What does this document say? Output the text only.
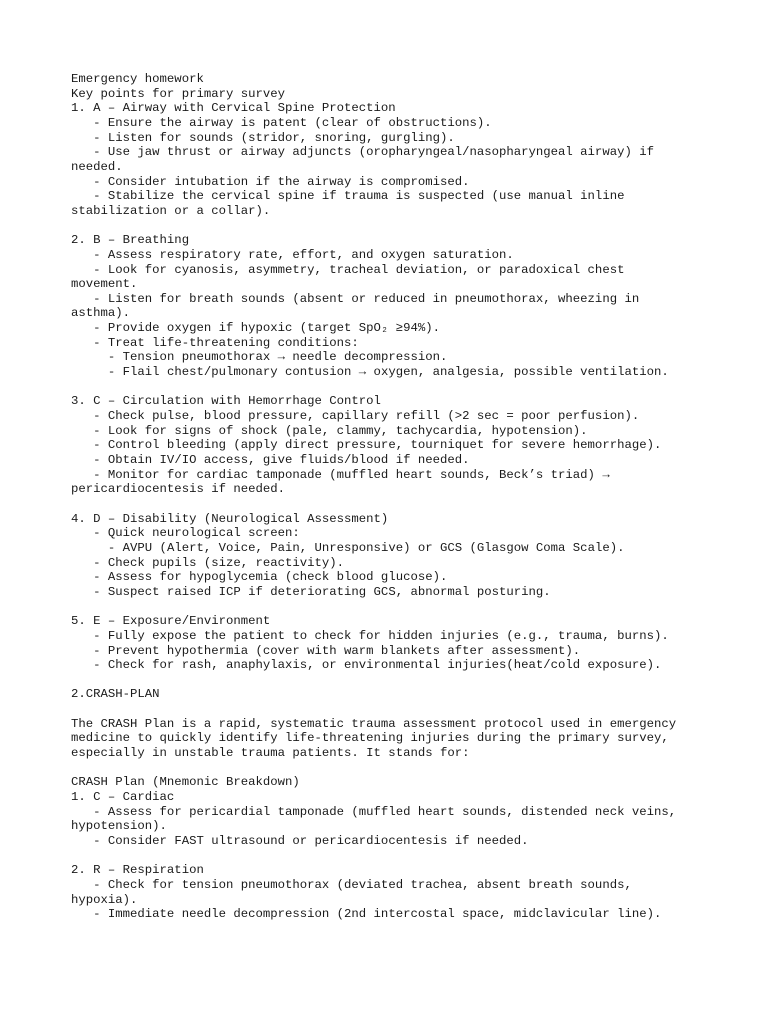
Emergency homework
Key points for primary survey
1. A – Airway with Cervical Spine Protection
- Ensure the airway is patent (clear of obstructions).
- Listen for sounds (stridor, snoring, gurgling).
- Use jaw thrust or airway adjuncts (oropharyngeal/nasopharyngeal airway) if
needed.
- Consider intubation if the airway is compromised.
- Stabilize the cervical spine if trauma is suspected (use manual inline
stabilization or a collar).
2. B – Breathing
- Assess respiratory rate, effort, and oxygen saturation.
- Look for cyanosis, asymmetry, tracheal deviation, or paradoxical chest
movement.
- Listen for breath sounds (absent or reduced in pneumothorax, wheezing in
asthma).
- Provide oxygen if hypoxic (target SpO₂ ≥94%).
- Treat life-threatening conditions:
- Tension pneumothorax → needle decompression.
- Flail chest/pulmonary contusion → oxygen, analgesia, possible ventilation.
3. C – Circulation with Hemorrhage Control
- Check pulse, blood pressure, capillary refill (>2 sec = poor perfusion).
- Look for signs of shock (pale, clammy, tachycardia, hypotension).
- Control bleeding (apply direct pressure, tourniquet for severe hemorrhage).
- Obtain IV/IO access, give fluids/blood if needed.
- Monitor for cardiac tamponade (muffled heart sounds, Beck’s triad) →
pericardiocentesis if needed.
4. D – Disability (Neurological Assessment)
- Quick neurological screen:
- AVPU (Alert, Voice, Pain, Unresponsive) or GCS (Glasgow Coma Scale).
- Check pupils (size, reactivity).
- Assess for hypoglycemia (check blood glucose).
- Suspect raised ICP if deteriorating GCS, abnormal posturing.
5. E – Exposure/Environment
- Fully expose the patient to check for hidden injuries (e.g., trauma, burns).
- Prevent hypothermia (cover with warm blankets after assessment).
- Check for rash, anaphylaxis, or environmental injuries(heat/cold exposure).
2.CRASH-PLAN
The CRASH Plan is a rapid, systematic trauma assessment protocol used in emergency
medicine to quickly identify life-threatening injuries during the primary survey,
especially in unstable trauma patients. It stands for:
CRASH Plan (Mnemonic Breakdown)
1. C – Cardiac
- Assess for pericardial tamponade (muffled heart sounds, distended neck veins,
hypotension).
- Consider FAST ultrasound or pericardiocentesis if needed.
2. R – Respiration
- Check for tension pneumothorax (deviated trachea, absent breath sounds,
hypoxia).
- Immediate needle decompression (2nd intercostal space, midclavicular line).
